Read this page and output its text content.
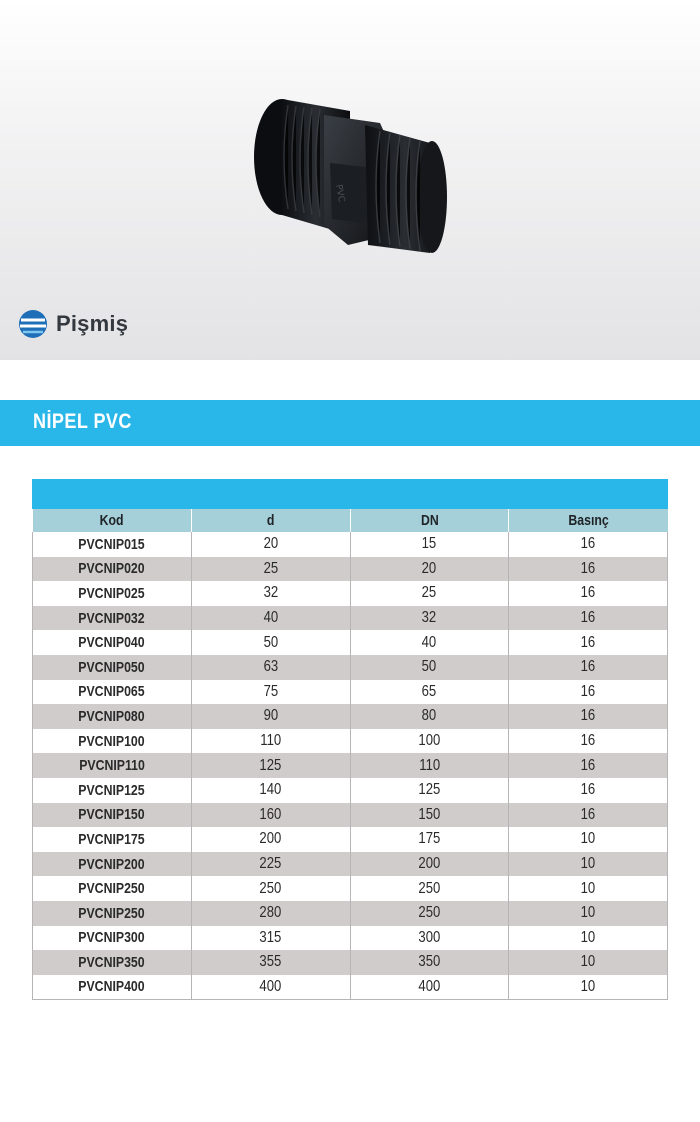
PVC
Pişmiş
NİPEL PVC
Kod	d	DN	Basınç
PVCNIP015	20	15	16
PVCNIP020	25	20	16
PVCNIP025	32	25	16
PVCNIP032	40	32	16
PVCNIP040	50	40	16
PVCNIP050	63	50	16
PVCNIP065	75	65	16
PVCNIP080	90	80	16
PVCNIP100	110	100	16
PVCNIP110	125	110	16
PVCNIP125	140	125	16
PVCNIP150	160	150	16
PVCNIP175	200	175	10
PVCNIP200	225	200	10
PVCNIP250	250	250	10
PVCNIP250	280	250	10
PVCNIP300	315	300	10
PVCNIP350	355	350	10
PVCNIP400	400	400	10
